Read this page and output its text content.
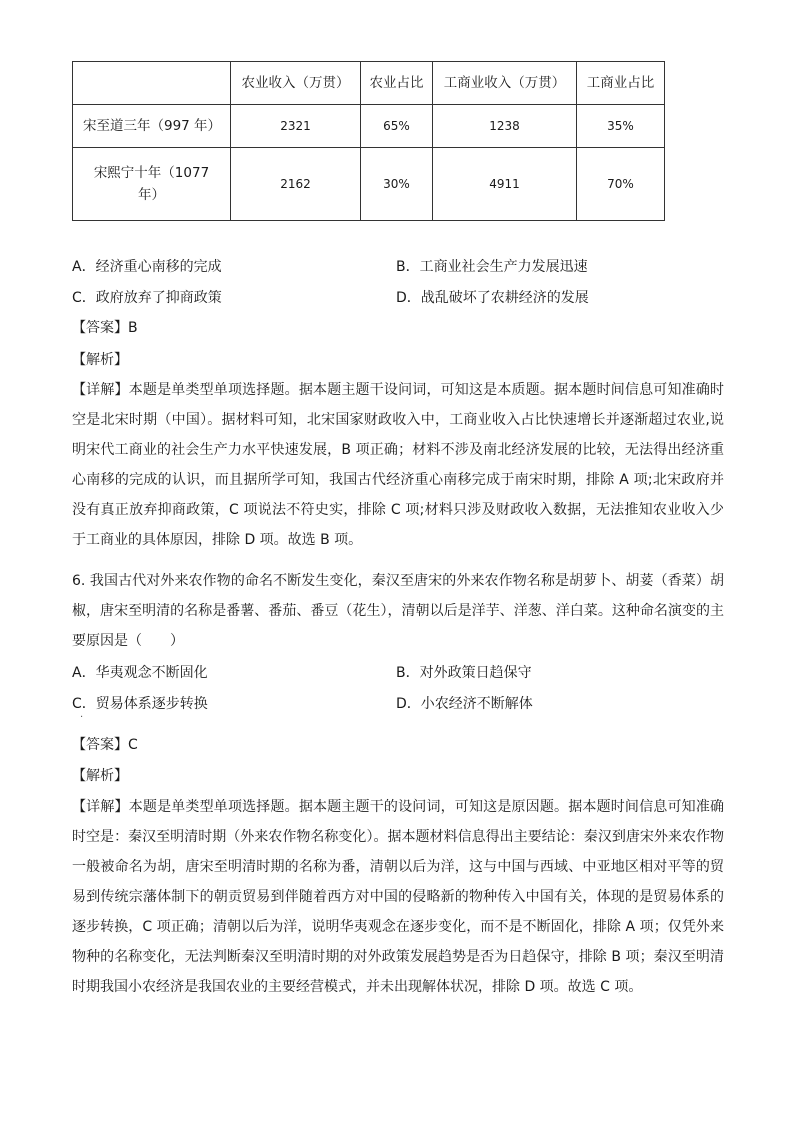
	农业收入（万贯）	农业占比	工商业收入（万贯）	工商业占比
宋至道三年（997 年）	2321	65%	1238	35%
宋熙宁十年（1077 年）	2162	30%	4911	70%
A．经济重心南移的完成	B．工商业社会生产力发展迅速
C．政府放弃了抑商政策	D．战乱破坏了农耕经济的发展
【答案】B
【解析】

【详解】本题是单类型单项选择题。据本题主题干设问词，可知这是本质题。据本题时间信息可知准确时空是北宋时期（中国）。据材料可知，北宋国家财政收入中，工商业收入占比快速增长并逐渐超过农业,说明宋代工商业的社会生产力水平快速发展，B 项正确；材料不涉及南北经济发展的比较，无法得出经济重心南移的完成的认识，而且据所学可知，我国古代经济重心南移完成于南宋时期，排除 A 项;北宋政府并没有真正放弃抑商政策，C 项说法不符史实，排除 C 项;材料只涉及财政收入数据，无法推知农业收入少于工商业的具体原因，排除 D 项。故选 B 项。

6. 我国古代对外来农作物的命名不断发生变化，秦汉至唐宋的外来农作物名称是胡萝卜、胡荽（香菜）胡椒，唐宋至明清的名称是番薯、番茄、番豆（花生），清朝以后是洋芋、洋葱、洋白菜。这种命名演变的主要原因是（　　）

A．华夷观念不断固化	B．对外政策日趋保守
C．贸易体系逐步转换	D．小农经济不断解体
·
【答案】C
【解析】

【详解】本题是单类型单项选择题。据本题主题干的设问词，可知这是原因题。据本题时间信息可知准确时空是：秦汉至明清时期（外来农作物名称变化）。据本题材料信息得出主要结论：秦汉到唐宋外来农作物一般被命名为胡，唐宋至明清时期的名称为番，清朝以后为洋，这与中国与西域、中亚地区相对平等的贸易到传统宗藩体制下的朝贡贸易到伴随着西方对中国的侵略新的物种传入中国有关，体现的是贸易体系的逐步转换，C 项正确；清朝以后为洋，说明华夷观念在逐步变化，而不是不断固化，排除 A 项；仅凭外来物种的名称变化，无法判断秦汉至明清时期的对外政策发展趋势是否为日趋保守，排除 B 项；秦汉至明清时期我国小农经济是我国农业的主要经营模式，并未出现解体状况，排除 D 项。故选 C 项。
